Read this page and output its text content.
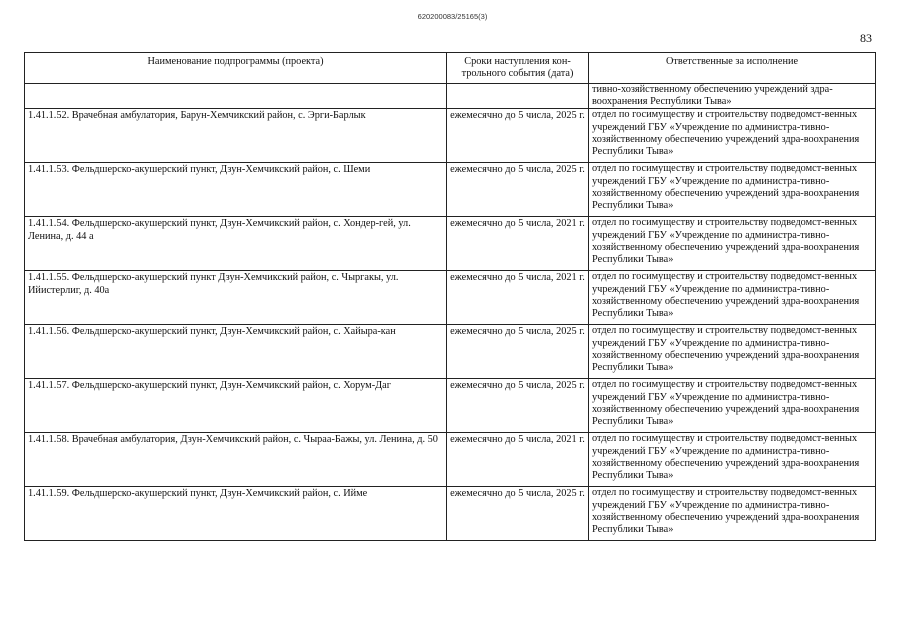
620200083/25165(3)
83
Наименование подпрограммы (проекта)	Сроки наступления кон-трольного события (дата)	Ответственные за исполнение
		тивно-хозяйственному обеспечению учреждений здра-воохранения Республики Тыва»
1.41.1.52. Врачебная амбулатория, Барун-Хемчикский район, с. Эрги-Барлык	ежемесячно до 5 числа, 2025 г.	отдел по госимуществу и строительству подведомст-венных учреждений ГБУ «Учреждение по администра-тивно-хозяйственному обеспечению учреждений здра-воохранения Республики Тыва»
1.41.1.53. Фельдшерско-акушерский пункт, Дзун-Хемчикский район, с. Шеми	ежемесячно до 5 числа, 2025 г.	отдел по госимуществу и строительству подведомст-венных учреждений ГБУ «Учреждение по администра-тивно-хозяйственному обеспечению учреждений здра-воохранения Республики Тыва»
1.41.1.54. Фельдшерско-акушерский пункт, Дзун-Хемчикский район, с. Хондер-гей, ул. Ленина, д. 44 а	ежемесячно до 5 числа, 2021 г.	отдел по госимуществу и строительству подведомст-венных учреждений ГБУ «Учреждение по администра-тивно-хозяйственному обеспечению учреждений здра-воохранения Республики Тыва»
1.41.1.55. Фельдшерско-акушерский пункт Дзун-Хемчикский район, с. Чыргакы, ул. Ийистерлиг, д. 40а	ежемесячно до 5 числа, 2021 г.	отдел по госимуществу и строительству подведомст-венных учреждений ГБУ «Учреждение по администра-тивно-хозяйственному обеспечению учреждений здра-воохранения Республики Тыва»
1.41.1.56. Фельдшерско-акушерский пункт, Дзун-Хемчикский район, с. Хайыра-кан	ежемесячно до 5 числа, 2025 г.	отдел по госимуществу и строительству подведомст-венных учреждений ГБУ «Учреждение по администра-тивно-хозяйственному обеспечению учреждений здра-воохранения Республики Тыва»
1.41.1.57. Фельдшерско-акушерский пункт, Дзун-Хемчикский район, с. Хорум-Даг	ежемесячно до 5 числа, 2025 г.	отдел по госимуществу и строительству подведомст-венных учреждений ГБУ «Учреждение по администра-тивно-хозяйственному обеспечению учреждений здра-воохранения Республики Тыва»
1.41.1.58. Врачебная амбулатория, Дзун-Хемчикский район, с. Чыраа-Бажы, ул. Ленина, д. 50	ежемесячно до 5 числа, 2021 г.	отдел по госимуществу и строительству подведомст-венных учреждений ГБУ «Учреждение по администра-тивно-хозяйственному обеспечению учреждений здра-воохранения Республики Тыва»
1.41.1.59. Фельдшерско-акушерский пункт, Дзун-Хемчикский район, с. Ийме	ежемесячно до 5 числа, 2025 г.	отдел по госимуществу и строительству подведомст-венных учреждений ГБУ «Учреждение по администра-тивно-хозяйственному обеспечению учреждений здра-воохранения Республики Тыва»
